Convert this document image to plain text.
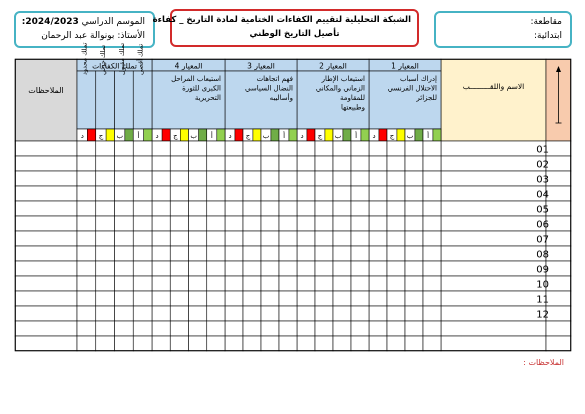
الموسم الدراسي 2024/2023:
الأستاذ: بونوالة عبد الرحمان
الشبكة التحليلية لتقييم الكفاءات الختامية لمادة التاريخ _ كفاءة
تأصيل التاريخ الوطني
مقاطعة:
ابتدائية:
الملاحظات	الاسم واللقـــــــــب
المعيار 1
إدراك أسباب
الاحتلال الفرنسي
للجزائر
المعيار 2
استيعاب الإطار
الزماني والمكاني
للمقاومة
وطبيعتها
المعيار 3
فهم اتجاهات
النضال السياسي
وأساليبه
المعيار 4
استيعاب المراحل
الكبرى للثورة
التحريرية
تملك الكفاءات
تملك محدود تملك جزئي تملك مقبول تملك أقصى
د ج ب أ
د ج ب أ
د ج ب أ
د ج ب أ
د ج ب أ
01
02
03
04
05
06
07
08
09
10
11
12
الملاحظات :
